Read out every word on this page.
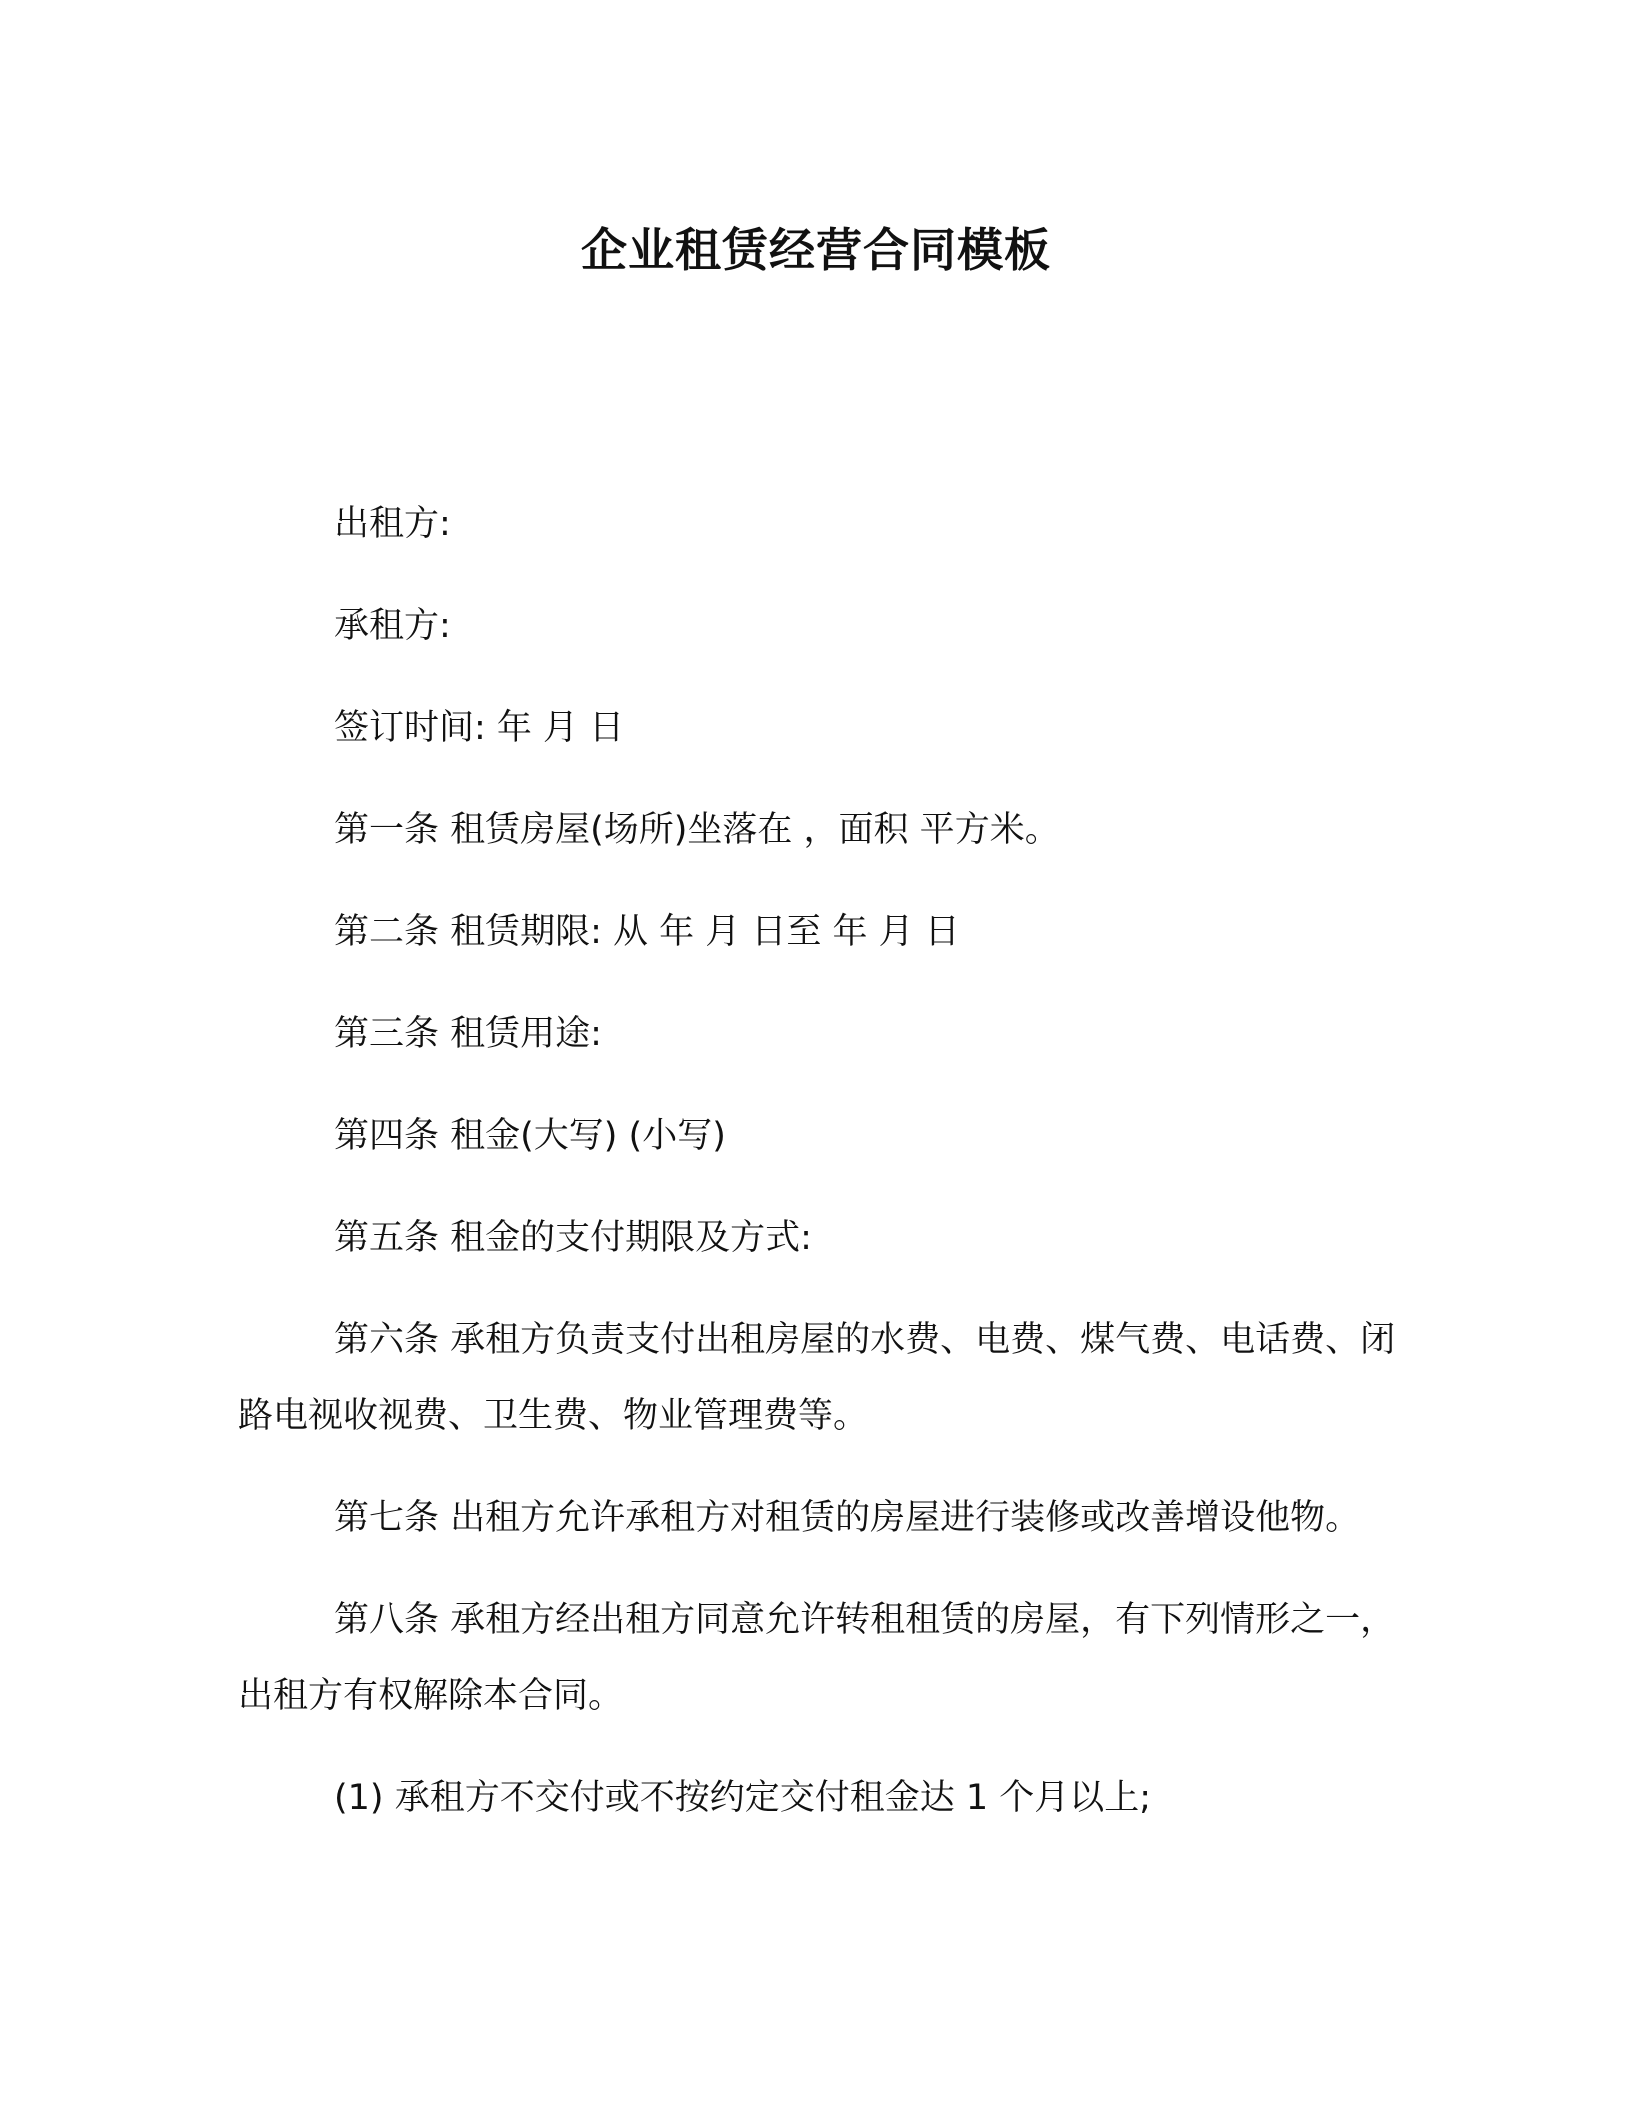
企业租赁经营合同模板

出租方:

承租方:

签订时间: 年 月 日

第一条 租赁房屋(场所)坐落在 ，面积 平方米。

第二条 租赁期限: 从 年 月 日至 年 月 日

第三条 租赁用途:

第四条 租金(大写) (小写)

第五条 租金的支付期限及方式:

第六条 承租方负责支付出租房屋的水费、电费、煤气费、电话费、闭路电视收视费、卫生费、物业管理费等。

第七条 出租方允许承租方对租赁的房屋进行装修或改善增设他物。

第八条 承租方经出租方同意允许转租租赁的房屋，有下列情形之一，出租方有权解除本合同。

(1) 承租方不交付或不按约定交付租金达 1 个月以上;
